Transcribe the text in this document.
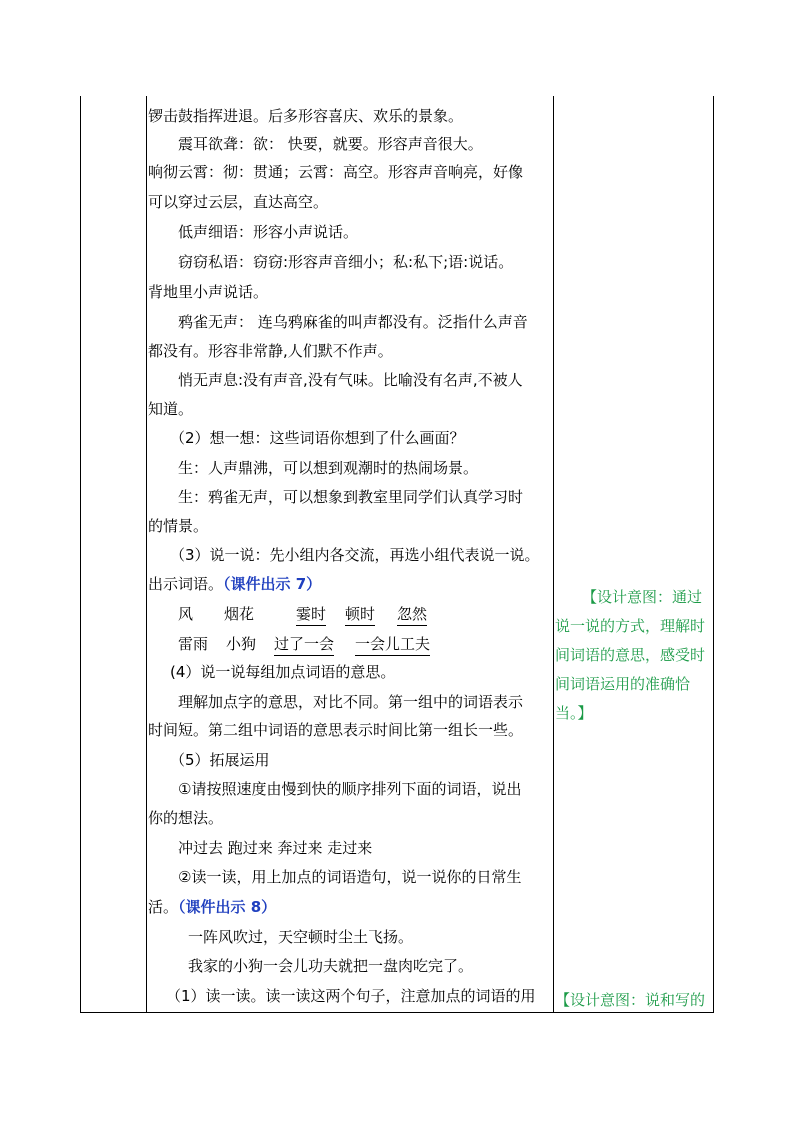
锣击鼓指挥进退。后多形容喜庆、欢乐的景象。
震耳欲聋：欲： 快要，就要。形容声音很大。
响彻云霄：彻：贯通；云霄：高空。形容声音响亮，好像
可以穿过云层，直达高空。
低声细语：形容小声说话。
窃窃私语：窃窃:形容声音细小；私:私下;语:说话。
背地里小声说话。
鸦雀无声： 连乌鸦麻雀的叫声都没有。泛指什么声音
都没有。形容非常静,人们默不作声。
悄无声息:没有声音,没有气味。比喻没有名声,不被人
知道。
（2）想一想：这些词语你想到了什么画面？
生：人声鼎沸，可以想到观潮时的热闹场景。
生：鸦雀无声，可以想象到教室里同学们认真学习时
的情景。
（3）说一说：先小组内各交流，再选小组代表说一说。
出示词语。（课件出示 7）
风 烟花	霎时 顿时 忽然
雷雨 小狗 过了一会 一会儿工夫
(4）说一说每组加点词语的意思。
理解加点字的意思，对比不同。第一组中的词语表示
时间短。第二组中词语的意思表示时间比第一组长一些。
（5）拓展运用
①请按照速度由慢到快的顺序排列下面的词语，说出
你的想法。
冲过去 跑过来 奔过来 走过来
②读一读，用上加点的词语造句，说一说你的日常生
活。（课件出示 8）
一阵风吹过，天空顿时尘土飞扬。
我家的小狗一会儿功夫就把一盘肉吃完了。
（1）读一读。读一读这两个句子，注意加点的词语的用
【设计意图：通过
说一说的方式，理解时
间词语的意思，感受时
间词语运用的准确恰
当。】
【设计意图：说和写的
